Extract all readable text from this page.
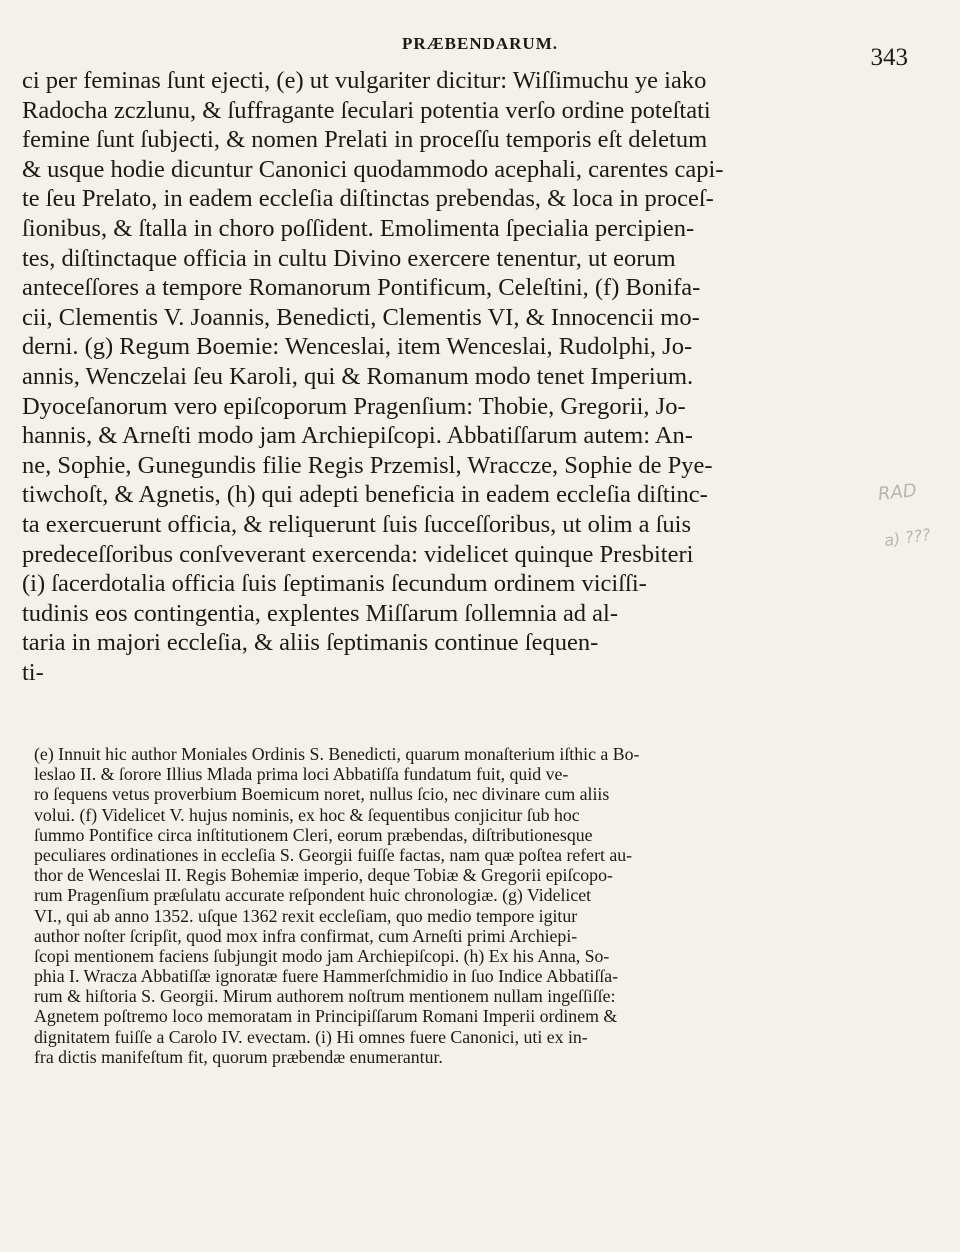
PRÆBENDARUM.
343
ci per feminas ſunt ejecti, (e) ut vulgariter dicitur: Wiſſimuchu ye iako
Radocha zczlunu, & ſuffragante ſeculari potentia verſo ordine poteſtati
femine ſunt ſubjecti, & nomen Prelati in proceſſu temporis eſt deletum
& usque hodie dicuntur Canonici quodammodo acephali, carentes capi-
te ſeu Prelato, in eadem eccleſia diſtinctas prebendas, & loca in proceſ-
ſionibus, & ſtalla in choro poſſident. Emolimenta ſpecialia percipien-
tes, diſtinctaque officia in cultu Divino exercere tenentur, ut eorum
anteceſſores a tempore Romanorum Pontificum, Celeſtini, (f) Bonifa-
cii, Clementis V. Joannis, Benedicti, Clementis VI, & Innocencii mo-
derni. (g) Regum Boemie: Wenceslai, item Wenceslai, Rudolphi, Jo-
annis, Wenczelai ſeu Karoli, qui & Romanum modo tenet Imperium.
Dyoceſanorum vero epiſcoporum Pragenſium: Thobie, Gregorii, Jo-
hannis, & Arneſti modo jam Archiepiſcopi. Abbatiſſarum autem: An-
ne, Sophie, Gunegundis filie Regis Przemisl, Wraccze, Sophie de Pye-
tiwchoſt, & Agnetis, (h) qui adepti beneficia in eadem eccleſia diſtinc-
ta exercuerunt officia, & reliquerunt ſuis ſucceſſoribus, ut olim a ſuis
predeceſſoribus conſveverant exercenda: videlicet quinque Presbiteri
(i) ſacerdotalia officia ſuis ſeptimanis ſecundum ordinem viciſſi-
tudinis eos contingentia, explentes Miſſarum ſollemnia ad al-
taria in majori eccleſia, & aliis ſeptimanis continue ſequen-
ti-
(e) Innuit hic author Moniales Ordinis S. Benedicti, quarum monaſterium iſthic a Bo-
leslao II. & ſorore Illius Mlada prima loci Abbatiſſa fundatum fuit, quid ve-
ro ſequens vetus proverbium Boemicum noret, nullus ſcio, nec divinare cum aliis
volui. (f) Videlicet V. hujus nominis, ex hoc & ſequentibus conjicitur ſub hoc
ſummo Pontifice circa inſtitutionem Cleri, eorum præbendas, diſtributionesque
peculiares ordinationes in eccleſia S. Georgii fuiſſe factas, nam quæ poſtea refert au-
thor de Wenceslai II. Regis Bohemiæ imperio, deque Tobiæ & Gregorii epiſcopo-
rum Pragenſium præſulatu accurate reſpondent huic chronologiæ. (g) Videlicet
VI., qui ab anno 1352. uſque 1362 rexit eccleſiam, quo medio tempore igitur
author noſter ſcripſit, quod mox infra confirmat, cum Arneſti primi Archiepi-
ſcopi mentionem faciens ſubjungit modo jam Archiepiſcopi. (h) Ex his Anna, So-
phia I. Wracza Abbatiſſæ ignoratæ fuere Hammerſchmidio in ſuo Indice Abbatiſſa-
rum & hiſtoria S. Georgii. Mirum authorem noſtrum mentionem nullam ingeſſiſſe:
Agnetem poſtremo loco memoratam in Principiſſarum Romani Imperii ordinem &
dignitatem fuiſſe a Carolo IV. evectam. (i) Hi omnes fuere Canonici, uti ex in-
fra dictis manifeſtum fit, quorum præbendæ enumerantur.
RAD
a) ???
